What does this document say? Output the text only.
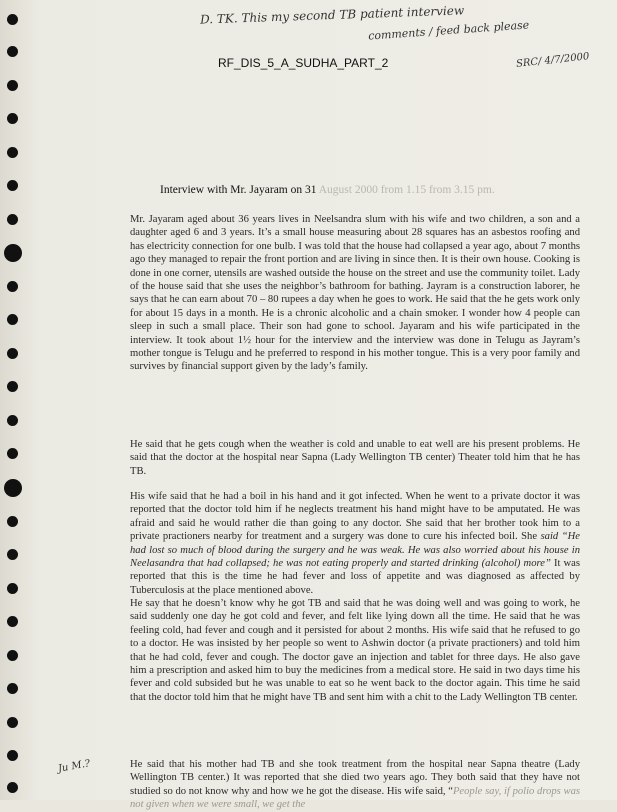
D. TK. This my second TB patient interview
comments / feed back please
SRC/ 4/7/2000
Ju M.?
RF_DIS_5_A_SUDHA_PART_2
Interview with Mr. Jayaram on 31 August 2000 from 1.15 from 3.15 pm.

Mr. Jayaram aged about 36 years lives in Neelsandra slum with his wife and two children, a son and a daughter aged 6 and 3 years. It’s a small house measuring about 28 squares has an asbestos roofing and has electricity connection for one bulb. I was told that the house had collapsed a year ago, about 7 months ago they managed to repair the front portion and are living in since then. It is their own house. Cooking is done in one corner, utensils are washed outside the house on the street and use the community toilet. Lady of the house said that she uses the neighbor’s bathroom for bathing. Jayram is a construction laborer, he says that he can earn about 70 – 80 rupees a day when he goes to work. He said that the he gets work only for about 15 days in a month. He is a chronic alcoholic and a chain smoker. I wonder how 4 people can sleep in such a small place. Their son had gone to school. Jayaram and his wife participated in the interview. It took about 1½ hour for the interview and the interview was done in Telugu as Jayram’s mother tongue is Telugu and he preferred to respond in his mother tongue. This is a very poor family and survives by financial support given by the lady’s family.

He said that he gets cough when the weather is cold and unable to eat well are his present problems. He said that the doctor at the hospital near Sapna (Lady Wellington TB center) Theater told him that he has TB.

His wife said that he had a boil in his hand and it got infected. When he went to a private doctor it was reported that the doctor told him if he neglects treatment his hand might have to be amputated. He was afraid and said he would rather die than going to any doctor. She said that her brother took him to a private practioners nearby for treatment and a surgery was done to cure his infected boil. She said “He had lost so much of blood during the surgery and he was weak. He was also worried about his house in Neelasandra that had collapsed; he was not eating properly and started drinking (alcohol) more” It was reported that this is the time he had fever and loss of appetite and was diagnosed as affected by Tuberculosis at the place mentioned above.

He say that he doesn’t know why he got TB and said that he was doing well and was going to work, he said suddenly one day he got cold and fever, and felt like lying down all the time. He said that he was feeling cold, had fever and cough and it persisted for about 2 months. His wife said that he refused to go to a doctor. He was insisted by her people so went to Ashwin doctor (a private practioners) and told him that he had cold, fever and cough. The doctor gave an injection and tablet for three days. He also gave him a prescription and asked him to buy the medicines from a medical store. He said in two days time his fever and cold subsided but he was unable to eat so he went back to the doctor again. This time he said that the doctor told him that he might have TB and sent him with a chit to the Lady Wellington TB center.

He said that his mother had TB and she took treatment from the hospital near Sapna theatre (Lady Wellington TB center.) It was reported that she died two years ago. They both said that they have not studied so do not know why and how we he got the disease. His wife said, “People say, if polio drops was not given when we were small, we get the
